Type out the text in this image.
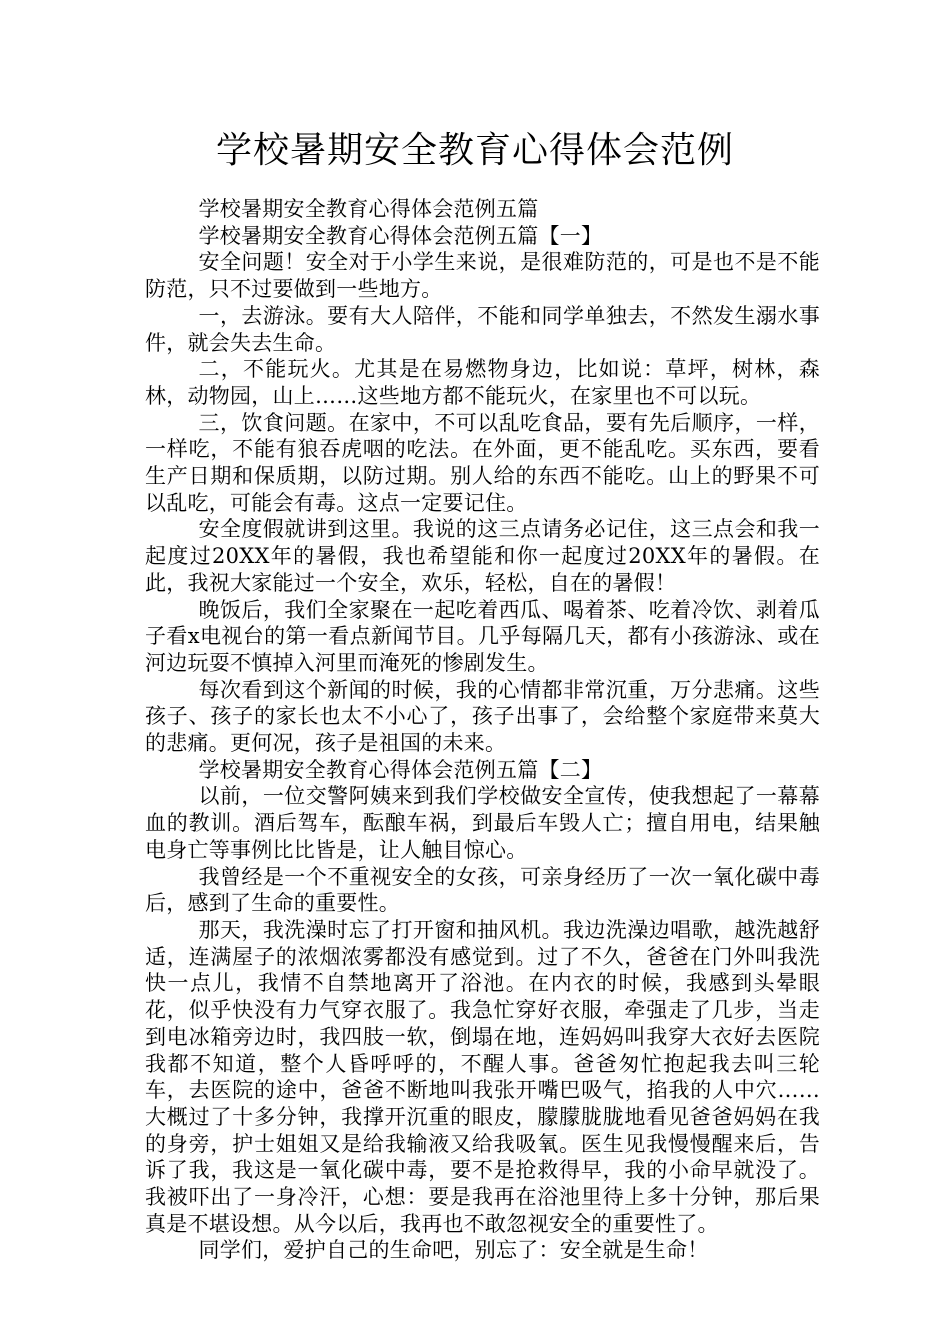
学校暑期安全教育心得体会范例

学校暑期安全教育心得体会范例五篇

学校暑期安全教育心得体会范例五篇【一】

安全问题！安全对于小学生来说，是很难防范的，可是也不是不能防范，只不过要做到一些地方。

一，去游泳。要有大人陪伴，不能和同学单独去，不然发生溺水事件，就会失去生命。

二，不能玩火。尤其是在易燃物身边，比如说：草坪，树林，森林，动物园，山上……这些地方都不能玩火，在家里也不可以玩。

三，饮食问题。在家中，不可以乱吃食品，要有先后顺序，一样，一样吃，不能有狼吞虎咽的吃法。在外面，更不能乱吃。买东西，要看生产日期和保质期，以防过期。别人给的东西不能吃。山上的野果不可以乱吃，可能会有毒。这点一定要记住。

安全度假就讲到这里。我说的这三点请务必记住，这三点会和我一起度过20XX年的暑假，我也希望能和你一起度过20XX年的暑假。在此，我祝大家能过一个安全，欢乐，轻松，自在的暑假！

晚饭后，我们全家聚在一起吃着西瓜、喝着茶、吃着冷饮、剥着瓜子看x电视台的第一看点新闻节目。几乎每隔几天，都有小孩游泳、或在河边玩耍不慎掉入河里而淹死的惨剧发生。

每次看到这个新闻的时候，我的心情都非常沉重，万分悲痛。这些孩子、孩子的家长也太不小心了，孩子出事了，会给整个家庭带来莫大的悲痛。更何况，孩子是祖国的未来。

学校暑期安全教育心得体会范例五篇【二】

以前，一位交警阿姨来到我们学校做安全宣传，使我想起了一幕幕血的教训。酒后驾车，酝酿车祸，到最后车毁人亡；擅自用电，结果触电身亡等事例比比皆是，让人触目惊心。

我曾经是一个不重视安全的女孩，可亲身经历了一次一氧化碳中毒后，感到了生命的重要性。

那天，我洗澡时忘了打开窗和抽风机。我边洗澡边唱歌，越洗越舒适，连满屋子的浓烟浓雾都没有感觉到。过了不久，爸爸在门外叫我洗快一点儿，我情不自禁地离开了浴池。在内衣的时候，我感到头晕眼花，似乎快没有力气穿衣服了。我急忙穿好衣服，牵强走了几步，当走到电冰箱旁边时，我四肢一软，倒塌在地，连妈妈叫我穿大衣好去医院我都不知道，整个人昏呼呼的，不醒人事。爸爸匆忙抱起我去叫三轮车，去医院的途中，爸爸不断地叫我张开嘴巴吸气，掐我的人中穴……大概过了十多分钟，我撑开沉重的眼皮，朦朦胧胧地看见爸爸妈妈在我的身旁，护士姐姐又是给我输液又给我吸氧。医生见我慢慢醒来后，告诉了我，我这是一氧化碳中毒，要不是抢救得早，我的小命早就没了。我被吓出了一身冷汗，心想：要是我再在浴池里待上多十分钟，那后果真是不堪设想。从今以后，我再也不敢忽视安全的重要性了。

同学们，爱护自己的生命吧，别忘了：安全就是生命！
